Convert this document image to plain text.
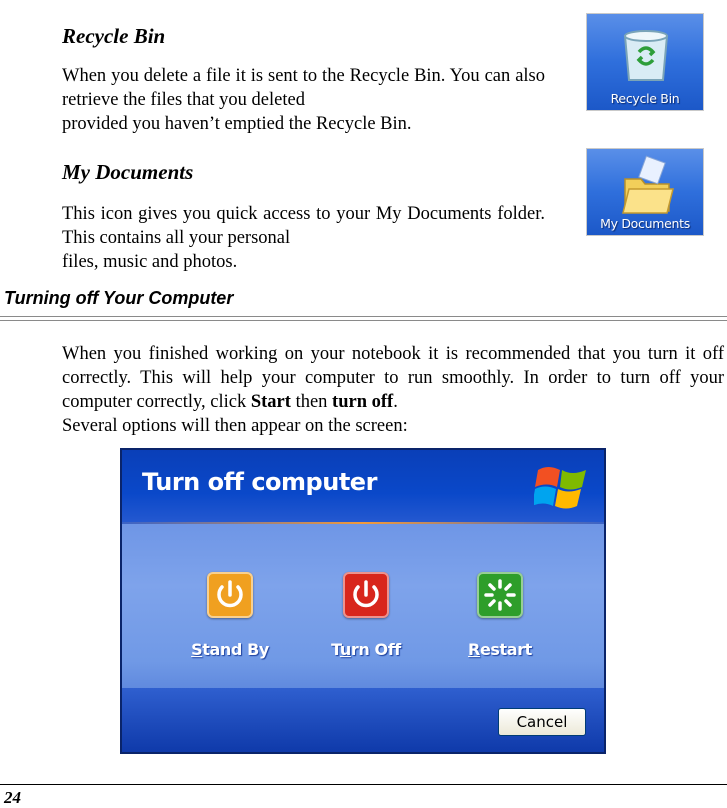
Recycle Bin
When you delete a file it is sent to the Recycle Bin. You can also retrieve the files that you deleted
provided you haven’t emptied the Recycle Bin.
Recycle Bin
My Documents
This icon gives you quick access to your My Documents folder. This contains all your personal
files, music and photos.
My Documents
Turning off Your Computer
When you finished working on your notebook it is recommended that you turn it off correctly. This will help your computer to run smoothly. In order to turn off your computer correctly, click Start then turn off.
Several options will then appear on the screen:
Turn off computer
Stand By	Turn Off	Restart
Cancel
24
